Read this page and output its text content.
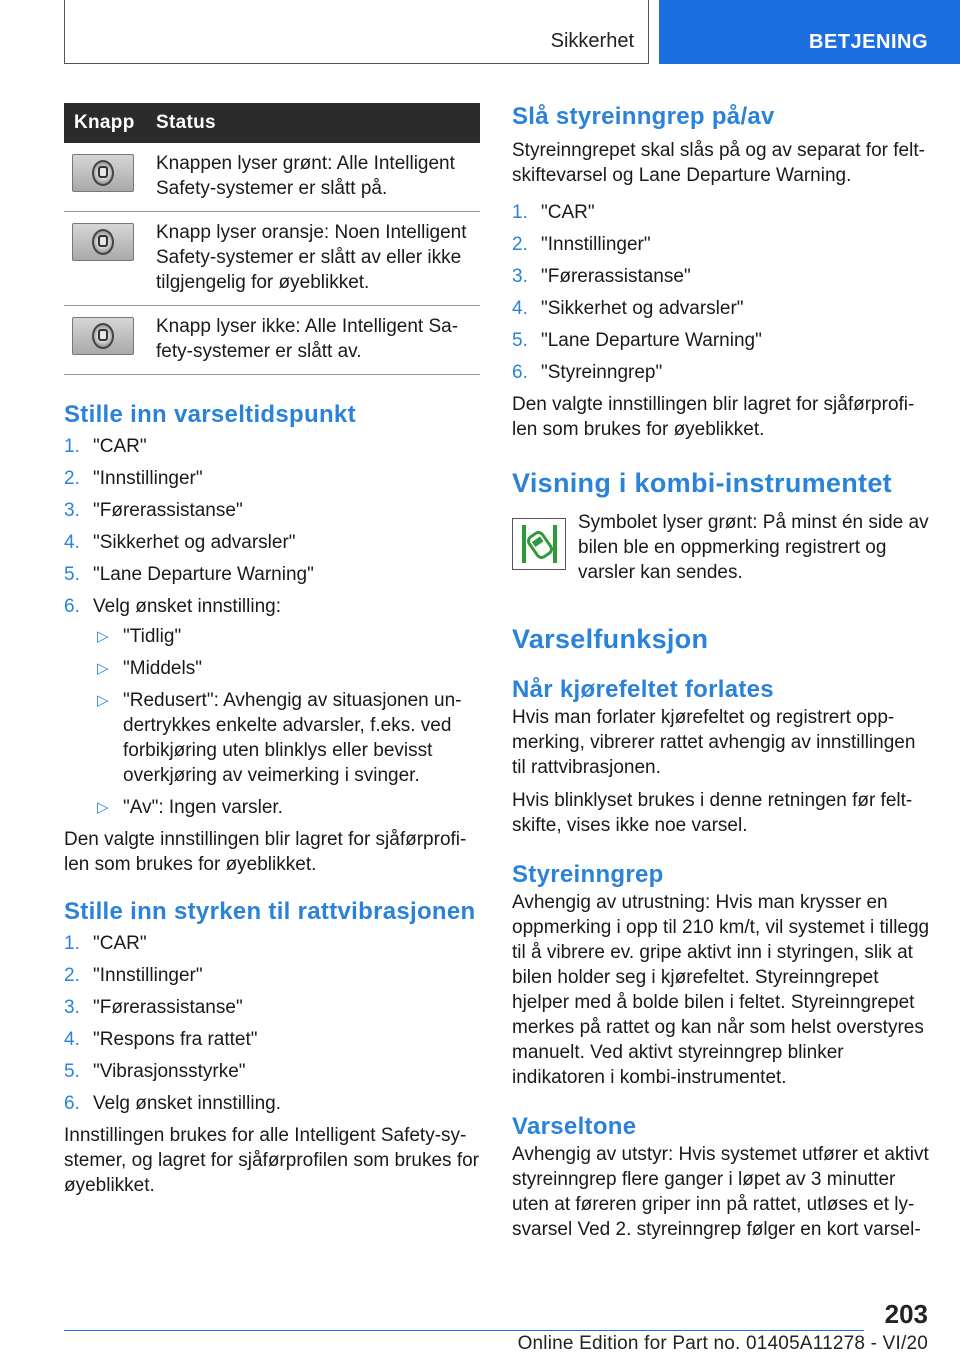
Sikkerhet	BETJENING
Knapp	Status

	Knappen lyser grønt: Alle Intelligent Safety-systemer er slått på.

	Knapp lyser oransje: Noen Intelligent Safety-systemer er slått av eller ikke tilgjengelig for øyeblikket.

	Knapp lyser ikke: Alle Intelligent Safety-systemer er slått av.
Stille inn varseltidspunkt
1. "CAR"
2. "Innstillinger"
3. "Førerassistanse"
4. "Sikkerhet og advarsler"
5. "Lane Departure Warning"
6. Velg ønsket innstilling:
▷ "Tidlig"
▷ "Middels"
▷ "Redusert": Avhengig av situasjonen undertrykkes enkelte advarsler, f.eks. ved forbikjøring uten blinklys eller bevisst overkjøring av veimerking i svinger.
▷ "Av": Ingen varsler.

Den valgte innstillingen blir lagret for sjåførprofilen som brukes for øyeblikket.

Stille inn styrken til rattvibrasjonen
1. "CAR"
2. "Innstillinger"
3. "Førerassistanse"
4. "Respons fra rattet"
5. "Vibrasjonsstyrke"
6. Velg ønsket innstilling.

Innstillingen brukes for alle Intelligent Safety-systemer, og lagret for sjåførprofilen som brukes for øyeblikket.

Slå styreinngrep på/av

Styreinngrepet skal slås på og av separat for feltskiftevarsel og Lane Departure Warning.

1. "CAR"
2. "Innstillinger"
3. "Førerassistanse"
4. "Sikkerhet og advarsler"
5. "Lane Departure Warning"
6. "Styreinngrep"

Den valgte innstillingen blir lagret for sjåførprofilen som brukes for øyeblikket.

Visning i kombi-instrumentet

Symbolet lyser grønt: På minst én side av bilen ble en oppmerking registrert og varsler kan sendes.

Varselfunksjon
Når kjørefeltet forlates

Hvis man forlater kjørefeltet og registrert oppmerking, vibrerer rattet avhengig av innstillingen til rattvibrasjonen.

Hvis blinklyset brukes i denne retningen før feltskifte, vises ikke noe varsel.

Styreinngrep

Avhengig av utrustning: Hvis man krysser en oppmerking i opp til 210 km/t, vil systemet i tillegg til å vibrere ev. gripe aktivt inn i styringen, slik at bilen holder seg i kjørefeltet. Styreinngrepet hjelper med å bolde bilen i feltet. Styreinngrepet merkes på rattet og kan når som helst overstyres manuelt. Ved aktivt styreinngrep blinker indikatoren i kombi-instrumentet.

Varseltone

Avhengig av utstyr: Hvis systemet utfører et aktivt styreinngrep flere ganger i løpet av 3 minutter uten at føreren griper inn på rattet, utløses et lysvarsel Ved 2. styreinngrep følger en kort varsel-

203
Online Edition for Part no. 01405A11278 - VI/20
